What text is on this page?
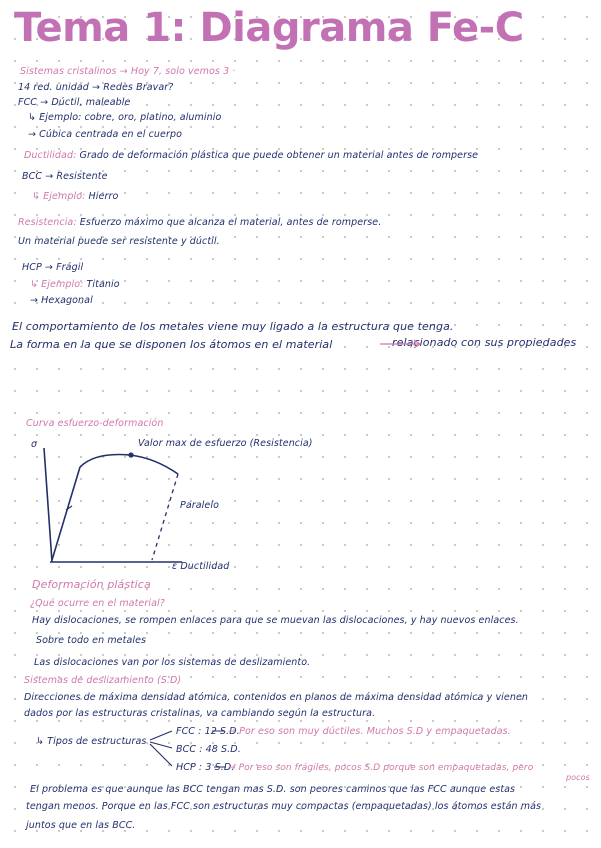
Tema 1: Diagrama Fe-C
Sistemas cristalinos → Hoy 7, solo vemos 3 ·
14 red. unidad → Redes Bravar?
FCC → Dúctil, maleable
↳ Ejemplo: cobre, oro, platino, aluminio
→ Cúbica centrada en el cuerpo
Ductilidad: Grado de deformación plástica que puede obtener un material antes de romperse
BCC → Resistente
↳ Ejemplo: Hierro
Resistencia: Esfuerzo máximo que alcanza el material, antes de romperse.
Un material puede ser resistente y dúctil.
HCP → Frágil
↳ Ejemplo: Titanio
→ Hexagonal
El comportamiento de los metales viene muy ligado a la estructura que tenga.
La forma en la que se disponen los átomos en el material	relacionado con sus propiedades
Curva esfuerzo-deformación
σ	Valor max de esfuerzo (Resistencia)
Paralelo
ε Ductilidad
Deformación plástica
¿Qué ocurre en el material?
Hay dislocaciones, se rompen enlaces para que se muevan las dislocaciones, y hay nuevos enlaces.
Sobre todo en metales
Las dislocaciones van por los sistemas de deslizamiento.
Sistemas de deslizamiento (S.D)
Direcciones de máxima densidad atómica, contenidos en planos de máxima densidad atómica y vienen
dados por las estructuras cristalinas, va cambiando según la estructura.
↳ Tipos de estructuras
FCC : 12 S.D.
→ Por eso son muy dúctiles. Muchos S.D y empaquetadas.
BCC : 48 S.D.
HCP : 3 S.D.
→ Por eso son frágiles, pocos S.D porque son empaquetadas, pero
pocos
El problema es que aunque las BCC tengan mas S.D. son peores caminos que las FCC aunque estas
tengan menos. Porque en las FCC son estructuras muy compactas (empaquetadas) los átomos están más
juntos que en las BCC.
